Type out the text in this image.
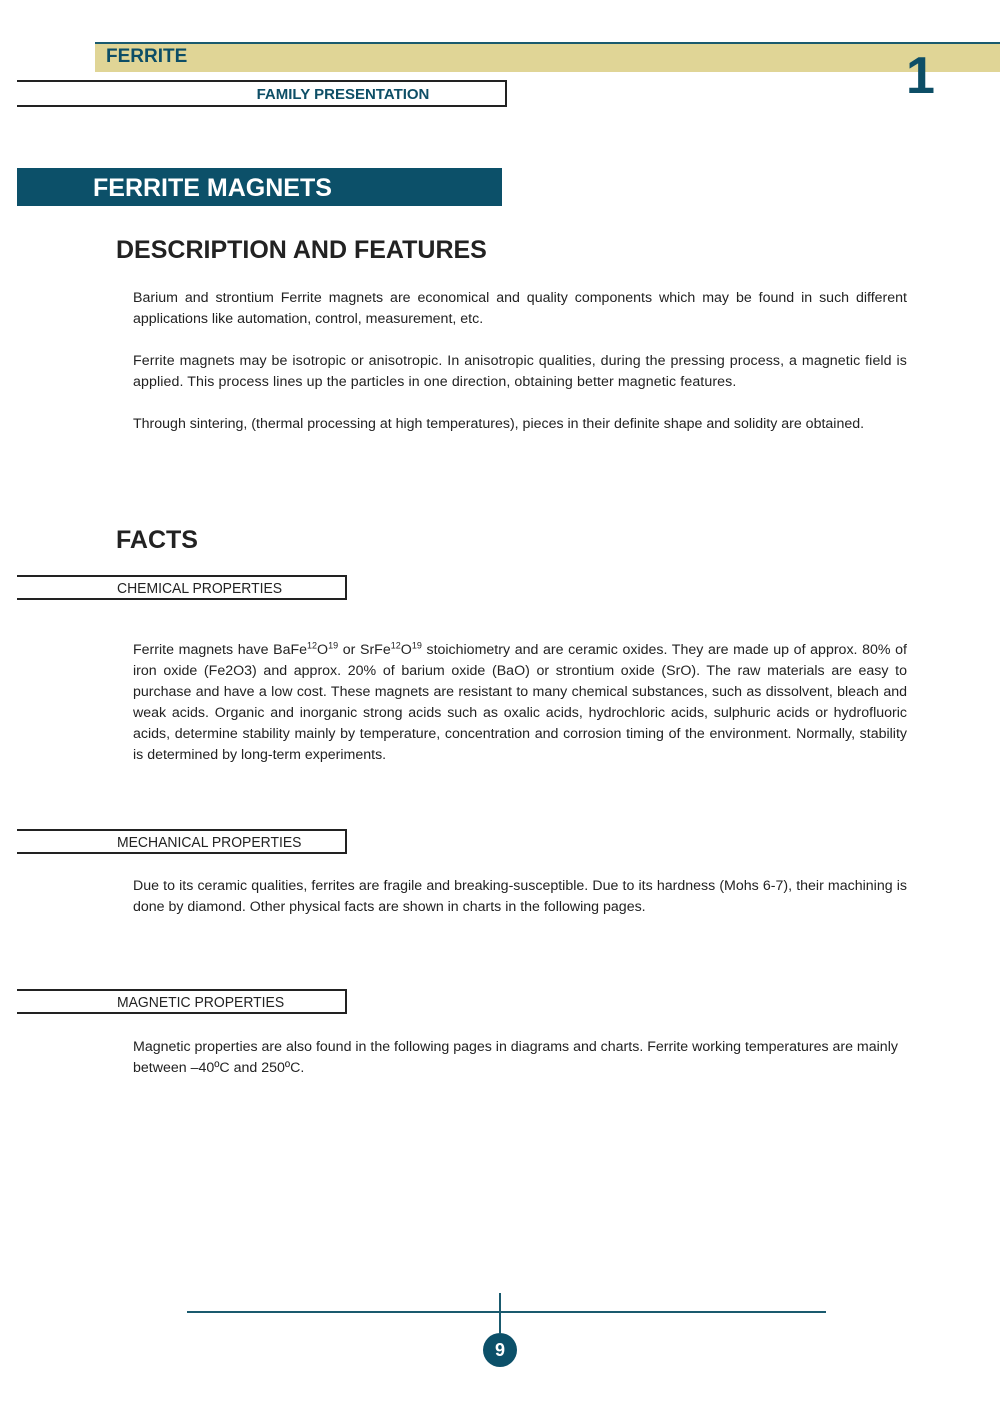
FERRITE	1
FAMILY PRESENTATION
FERRITE MAGNETS
DESCRIPTION AND FEATURES
Barium and strontium Ferrite magnets are economical and quality components which may be found in such different applications like automation, control, measurement, etc.
Ferrite magnets may be isotropic or anisotropic. In anisotropic qualities, during the pressing process, a magnetic field is applied. This process lines up the particles in one direction, obtaining better magnetic features.
Through sintering, (thermal processing at high temperatures), pieces in their definite shape and solidity are obtained.
FACTS
CHEMICAL PROPERTIES
Ferrite magnets have $BaFe^{12}O^{19}$ or $SrFe^{12}O^{19}$ stoichiometry and are ceramic oxides. They are made up of approx. 80% of iron oxide (Fe2O3) and approx. 20% of barium oxide (BaO) or strontium oxide (SrO). The raw materials are easy to purchase and have a low cost. These magnets are resistant to many chemical substances, such as dissolvent, bleach and weak acids. Organic and inorganic strong acids such as oxalic acids, hydrochloric acids, sulphuric acids or hydrofluoric acids, determine stability mainly by temperature, concentration and corrosion timing of the environment. Normally, stability is determined by long-term experiments.
MECHANICAL PROPERTIES
Due to its ceramic qualities, ferrites are fragile and breaking-susceptible. Due to its hardness (Mohs 6-7), their machining is done by diamond. Other physical facts are shown in charts in the following pages.
MAGNETIC PROPERTIES
Magnetic properties are also found in the following pages in diagrams and charts. Ferrite working temperatures are mainly between –40ºC and 250ºC.
9
